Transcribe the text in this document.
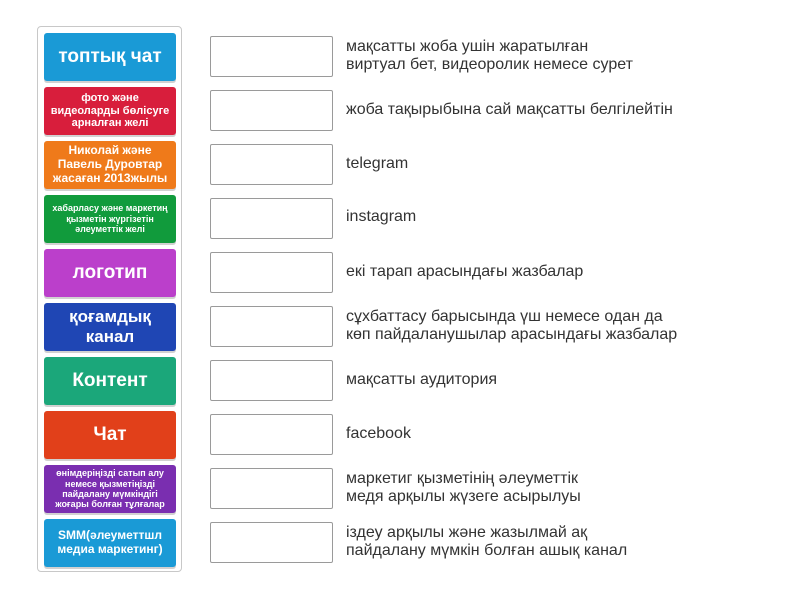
топтық чат
фото және видеоларды бөлісуге арналған желі
Николай және Павель Дуровтар жасаған 2013жылы
хабарласу және маркетиң қызметін жүргізетін әлеуметтік желі
логотип
қоғамдық канал
Контент
Чат
өнімдеріңізді сатып алу немесе қызметіңізді пайдалану мүмкіндігі жоғары болған тұлғалар
SMM(әлеуметтшл медиа маркетинг)
мақсатты жоба ушін жаратылған
виртуал бет, видеоролик немесе сурет
жоба тақырыбына сай мақсатты белгілейтін
telegram
instagram
екі тарап арасындағы жазбалар
сұхбаттасу барысында үш немесе одан да
көп пайдаланушылар арасындағы жазбалар
мақсатты аудитория
facebook
маркетиг қызметінің әлеуметтік
медя арқылы жүзеге асырылуы
іздеу арқылы және жазылмай ақ
пайдалану мүмкін болған ашық канал
